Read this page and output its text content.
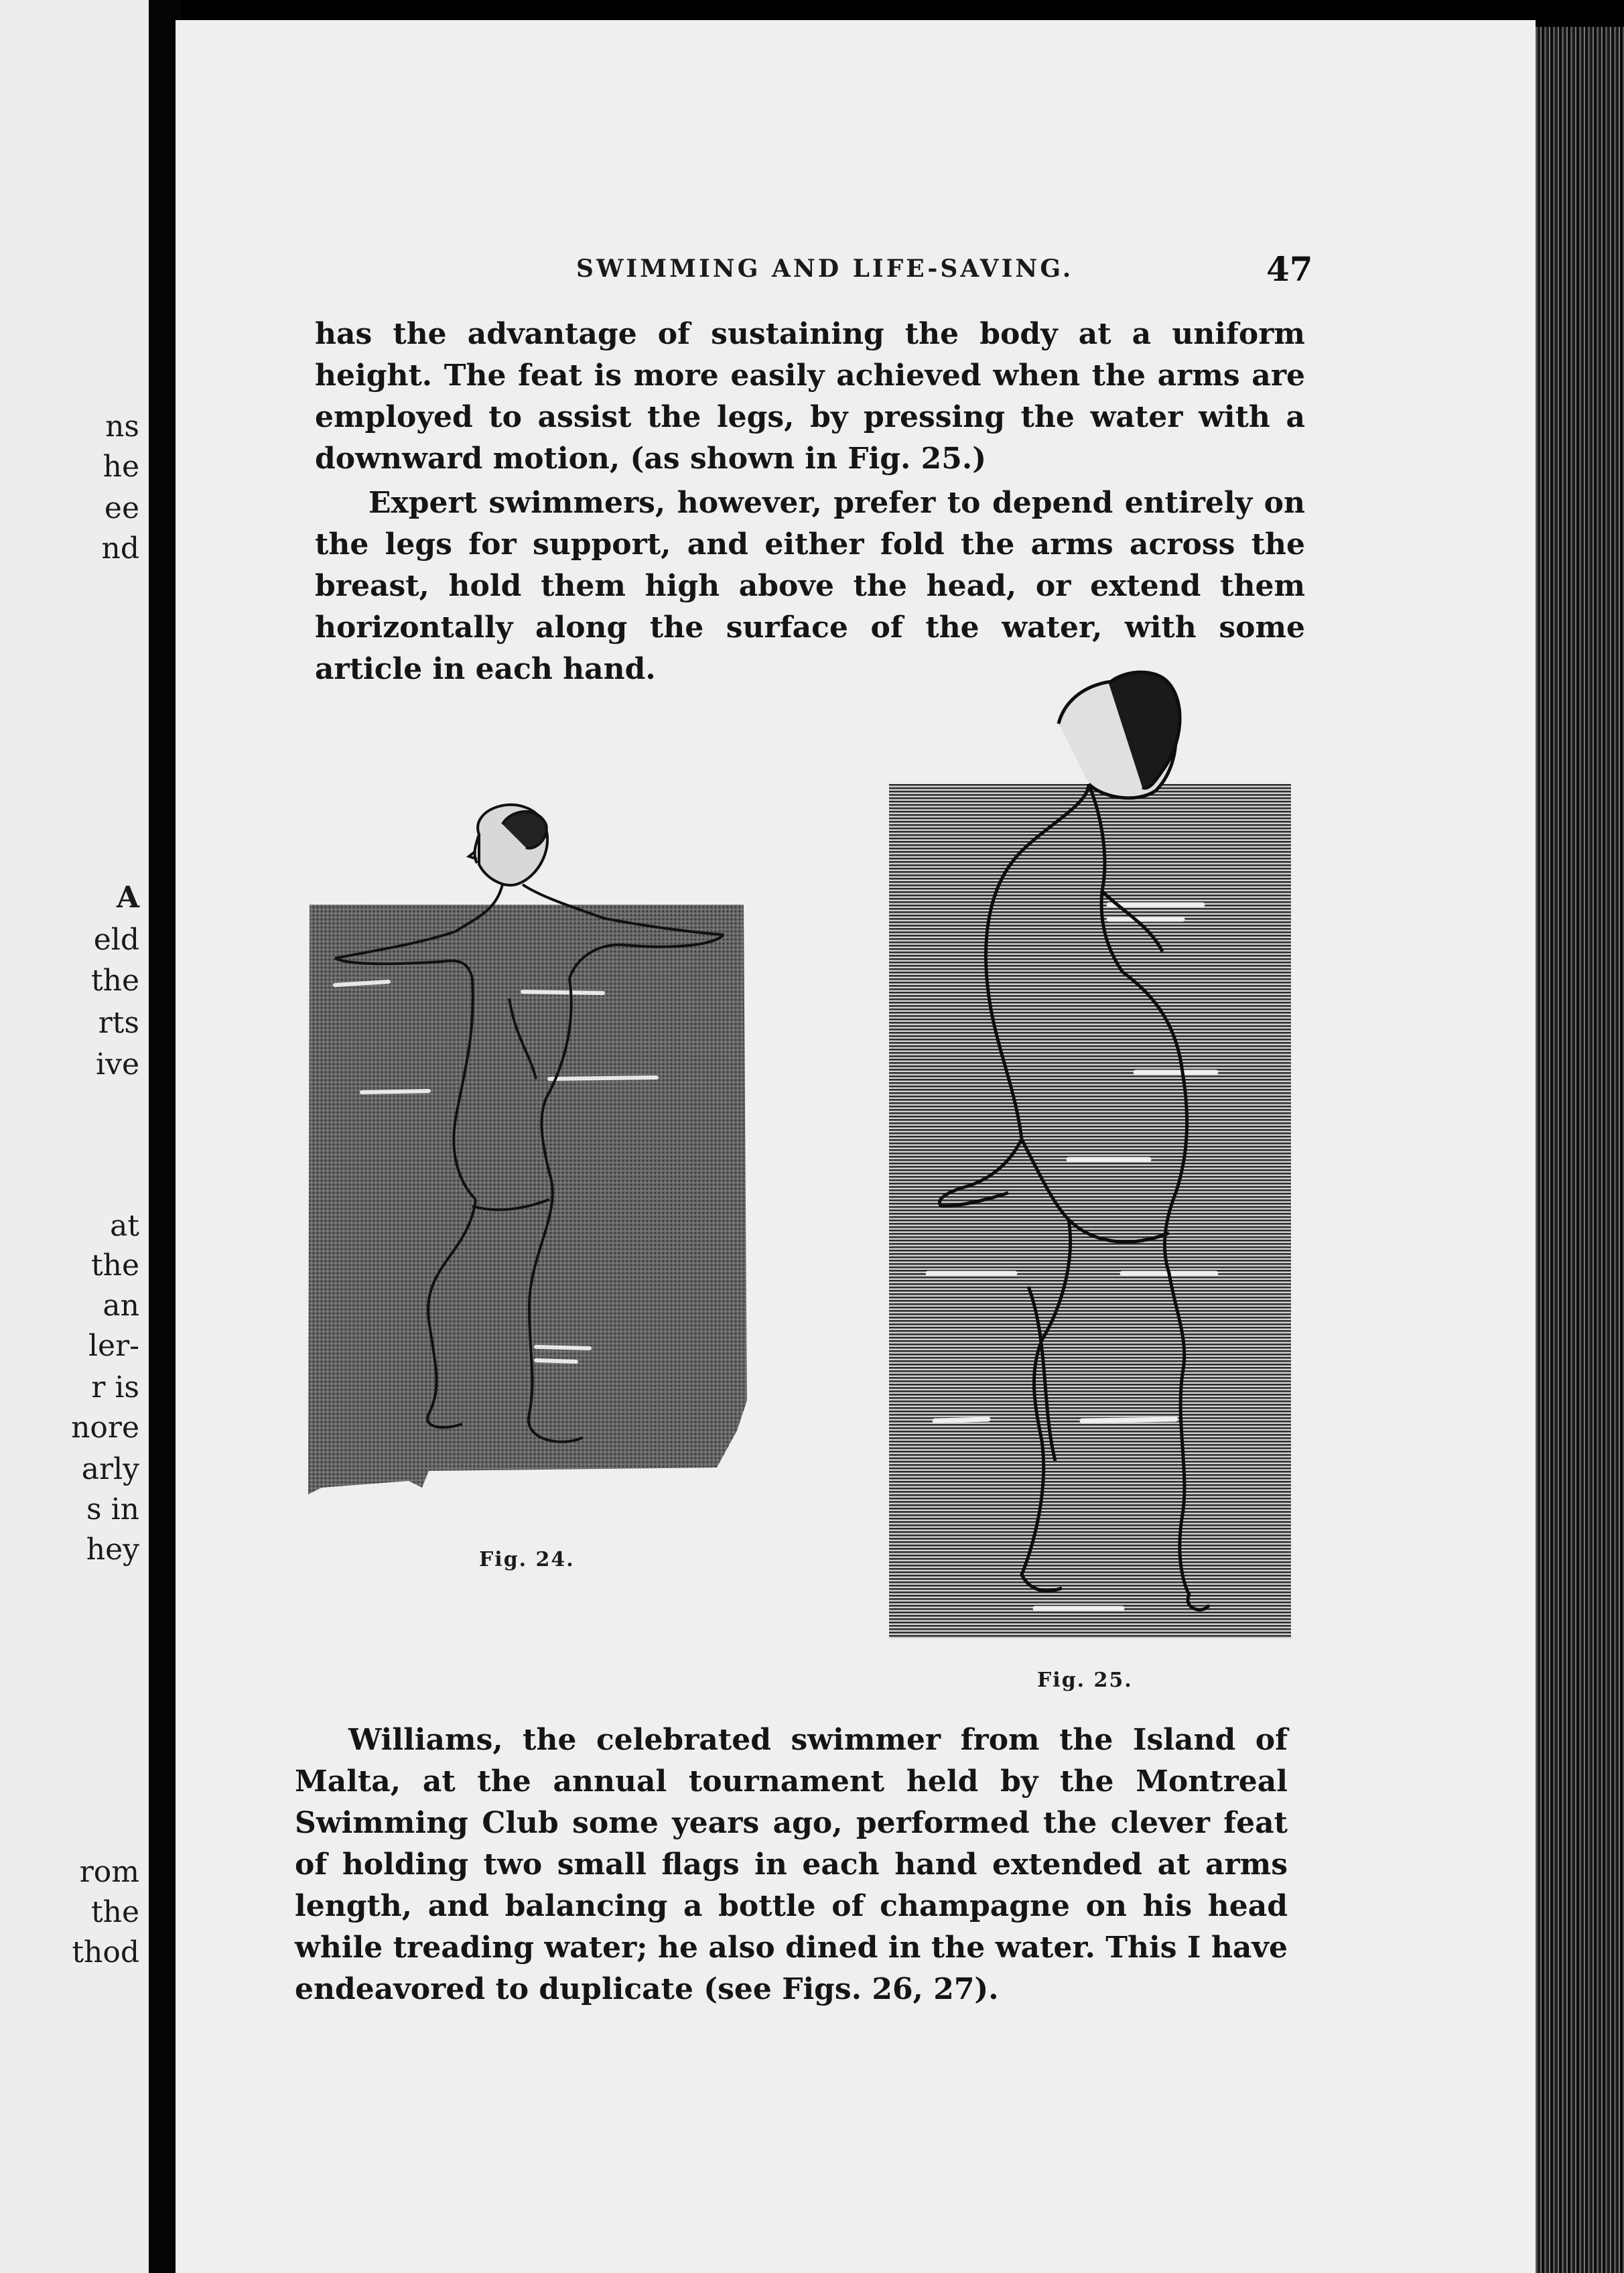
ns
he
ee
nd
A
eld
the
rts
ive
at
the
an
ler-
r is
nore
arly
s in
hey
rom
the
thod
SWIMMING AND LIFE-SAVING.	47

has the advantage of sustaining the body at a uniform height. The feat is more easily achieved when the arms are employed to assist the legs, by pressing the water with a downward motion, (as shown in Fig. 25.)

Expert swimmers, however, prefer to depend entirely on the legs for support, and either fold the arms across the breast, hold them high above the head, or extend them horizontally along the surface of the water, with some article in each hand.

Fig. 24.
Fig. 25.

Williams, the celebrated swimmer from the Island of Malta, at the annual tournament held by the Montreal Swimming Club some years ago, performed the clever feat of holding two small flags in each hand extended at arms length, and balancing a bottle of champagne on his head while treading water; he also dined in the water. This I have endeavored to duplicate (see Figs. 26, 27).
